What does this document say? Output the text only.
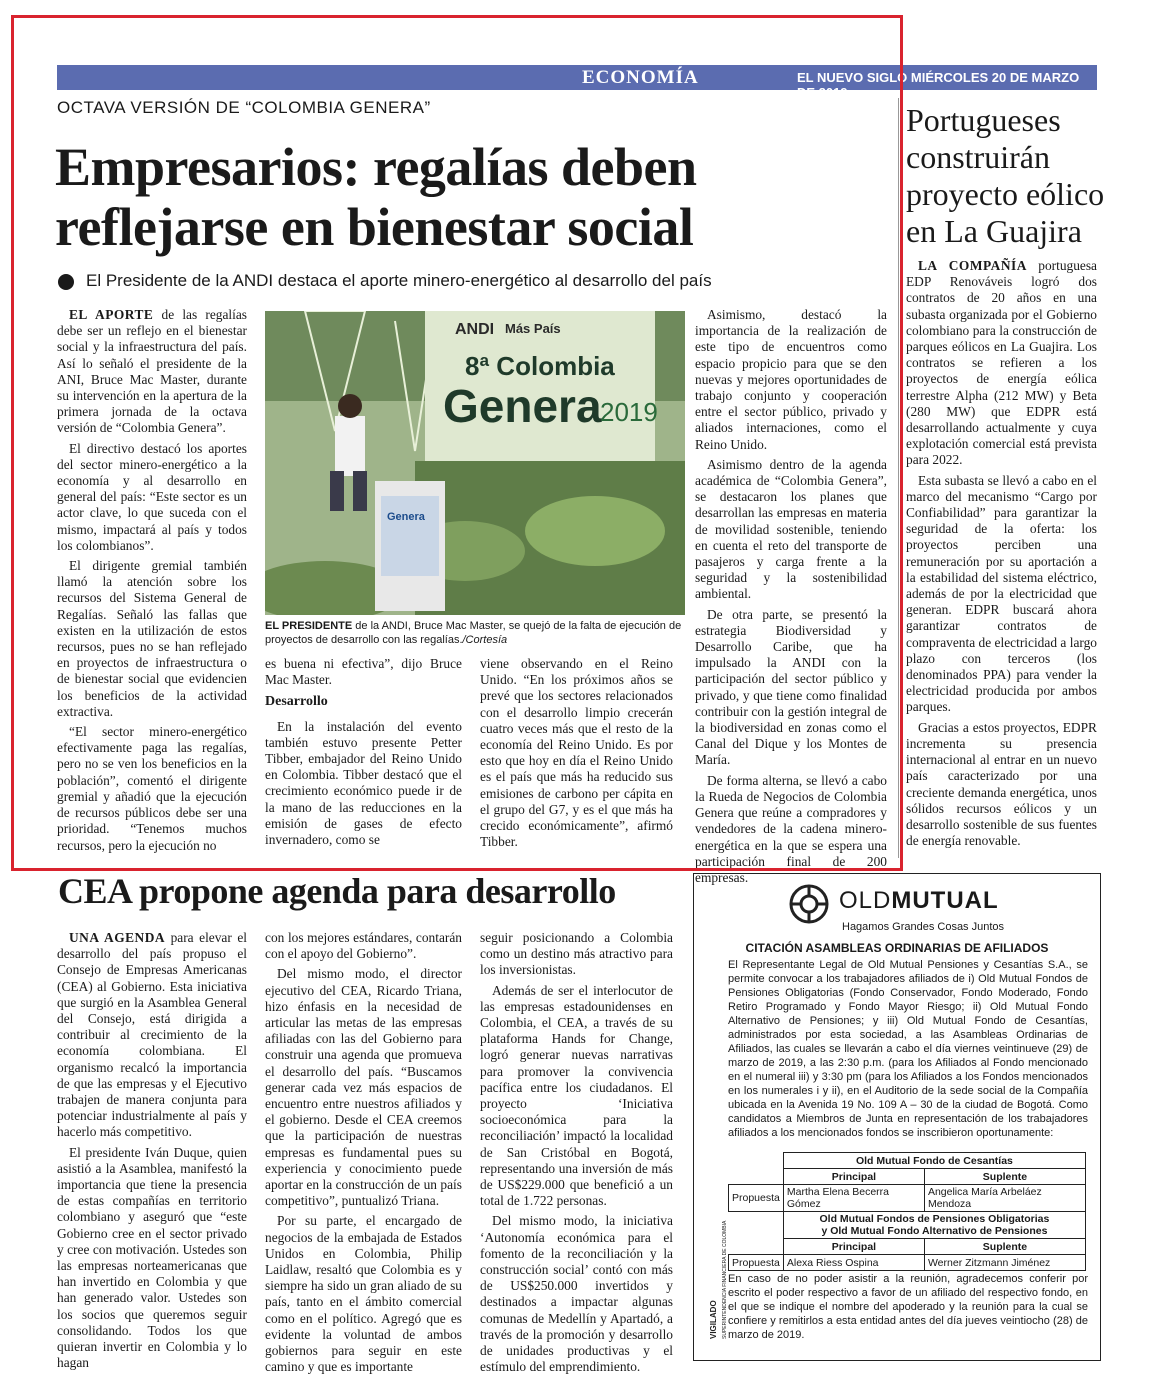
ECONOMÍA	EL NUEVO SIGLO MIÉRCOLES 20 DE MARZO DE 2019
7B
OCTAVA VERSIÓN DE “COLOMBIA GENERA”
Empresarios: regalías deben
reflejarse en bienestar social
El Presidente de la ANDI destaca el aporte minero-energético al desarrollo del país

EL APORTE de las regalías debe ser un reflejo en el bienestar social y la infraestructura del país. Así lo señaló el presidente de la ANI, Bruce Mac Master, durante su intervención en la apertura de la primera jornada de la octava versión de “Colombia Genera”.

El directivo destacó los aportes del sector minero-energético a la economía y al desarrollo en general del país: “Este sector es un actor clave, lo que suceda con el mismo, impactará al país y todos los colombianos”.

El dirigente gremial también llamó la atención sobre los recursos del Sistema General de Regalías. Señaló las fallas que existen en la utilización de estos recursos, pues no se han reflejado en proyectos de infraestructura o de bienestar social que evidencien los beneficios de la actividad extractiva.

“El sector minero-energético efectivamente paga las regalías, pero no se ven los beneficios en la población”, comentó el dirigente gremial y añadió que la ejecución de recursos públicos debe ser una prioridad. “Tenemos muchos recursos, pero la ejecución no

ANDI Más País
8ª Colombia
Genera
2019
Genera
EL PRESIDENTE de la ANDI, Bruce Mac Master, se quejó de la falta de ejecución de proyectos de desarrollo con las regalías./Cortesía

es buena ni efectiva”, dijo Bruce Mac Master.

Desarrollo

En la instalación del evento también estuvo presente Petter Tibber, embajador del Reino Unido en Colombia. Tibber destacó que el crecimiento económico puede ir de la mano de las reducciones en la emisión de gases de efecto invernadero, como se

viene observando en el Reino Unido. “En los próximos años se prevé que los sectores relacionados con el desarrollo limpio crecerán cuatro veces más que el resto de la economía del Reino Unido. Es por esto que hoy en día el Reino Unido es el país que más ha reducido sus emisiones de carbono per cápita en el grupo del G7, y es el que más ha crecido económicamente”, afirmó Tibber.

Asimismo, destacó la importancia de la realización de este tipo de encuentros como espacio propicio para que se den nuevas y mejores oportunidades de trabajo conjunto y cooperación entre el sector público, privado y aliados internaciones, como el Reino Unido.

Asimismo dentro de la agenda académica de “Colombia Genera”, se destacaron los planes que desarrollan las empresas en materia de movilidad sostenible, teniendo en cuenta el reto del transporte de pasajeros y carga frente a la seguridad y la sostenibilidad ambiental.

De otra parte, se presentó la estrategia Biodiversidad y Desarrollo Caribe, que ha impulsado la ANDI con la participación del sector público y privado, y que tiene como finalidad contribuir con la gestión integral de la biodiversidad en zonas como el Canal del Dique y los Montes de María.

De forma alterna, se llevó a cabo la Rueda de Negocios de Colombia Genera que reúne a compradores y vendedores de la cadena minero-energética en la que se espera una participación final de 200 empresas.

Portugueses
construirán
proyecto eólico
en La Guajira

LA COMPAÑÍA portuguesa EDP Renováveis logró dos contratos de 20 años en una subasta organizada por el Gobierno colombiano para la construcción de parques eólicos en La Guajira. Los contratos se refieren a los proyectos de energía eólica terrestre Alpha (212 MW) y Beta (280 MW) que EDPR está desarrollando actualmente y cuya explotación comercial está prevista para 2022.

Esta subasta se llevó a cabo en el marco del mecanismo “Cargo por Confiabilidad” para garantizar la seguridad de la oferta: los proyectos perciben una remuneración por su aportación a la estabilidad del sistema eléctrico, además de por la electricidad que generan. EDPR buscará ahora garantizar contratos de compraventa de electricidad a largo plazo con terceros (los denominados PPA) para vender la electricidad producida por ambos parques.

Gracias a estos proyectos, EDPR incrementa su presencia internacional al entrar en un nuevo país caracterizado por una creciente demanda energética, unos sólidos recursos eólicos y un desarrollo sostenible de sus fuentes de energía renovable.

CEA propone agenda para desarrollo

UNA AGENDA para elevar el desarrollo del país propuso el Consejo de Empresas Americanas (CEA) al Gobierno. Esta iniciativa que surgió en la Asamblea General del Consejo, está dirigida a contribuir al crecimiento de la economía colombiana. El organismo recalcó la importancia de que las empresas y el Ejecutivo trabajen de manera conjunta para potenciar industrialmente al país y hacerlo más competitivo.

El presidente Iván Duque, quien asistió a la Asamblea, manifestó la importancia que tiene la presencia de estas compañías en territorio colombiano y aseguró que “este Gobierno cree en el sector privado y cree con motivación. Ustedes son las empresas norteamericanas que han invertido en Colombia y que han generado valor. Ustedes son los socios que queremos seguir consolidando. Todos los que quieran invertir en Colombia y lo hagan

con los mejores estándares, contarán con el apoyo del Gobierno”.

Del mismo modo, el director ejecutivo del CEA, Ricardo Triana, hizo énfasis en la necesidad de articular las metas de las empresas afiliadas con las del Gobierno para construir una agenda que promueva el desarrollo del país. “Buscamos generar cada vez más espacios de encuentro entre nuestros afiliados y el gobierno. Desde el CEA creemos que la participación de nuestras empresas es fundamental pues su experiencia y conocimiento puede aportar en la construcción de un país competitivo”, puntualizó Triana.

Por su parte, el encargado de negocios de la embajada de Estados Unidos en Colombia, Philip Laidlaw, resaltó que Colombia es y siempre ha sido un gran aliado de su país, tanto en el ámbito comercial como en el político. Agregó que es evidente la voluntad de ambos gobiernos para seguir en este camino y que es importante

seguir posicionando a Colombia como un destino más atractivo para los inversionistas.

Además de ser el interlocutor de las empresas estadounidenses en Colombia, el CEA, a través de su plataforma Hands for Change, logró generar nuevas narrativas para promover la convivencia pacífica entre los ciudadanos. El proyecto ‘Iniciativa socioeconómica para la reconciliación’ impactó la localidad de San Cristóbal en Bogotá, representando una inversión de más de US$229.000 que benefició a un total de 1.722 personas.

Del mismo modo, la iniciativa ‘Autonomía económica para el fomento de la reconciliación y la construcción social’ contó con más de US$250.000 invertidos y destinados a impactar algunas comunas de Medellín y Apartadó, a través de la promoción y desarrollo de unidades productivas y el estímulo del emprendimiento.

OLDMUTUAL
Hagamos Grandes Cosas Juntos
CITACIÓN ASAMBLEAS ORDINARIAS DE AFILIADOS
El Representante Legal de Old Mutual Pensiones y Cesantías S.A., se permite convocar a los trabajadores afiliados de i) Old Mutual Fondos de Pensiones Obligatorias (Fondo Conservador, Fondo Moderado, Fondo Retiro Programado y Fondo Mayor Riesgo; ii) Old Mutual Fondo Alternativo de Pensiones; y iii) Old Mutual Fondo de Cesantías, administrados por esta sociedad, a las Asambleas Ordinarias de Afiliados, las cuales se llevarán a cabo el día viernes veintinueve (29) de marzo de 2019, a las 2:30 p.m. (para los Afiliados al Fondo mencionado en el numeral iii) y 3:30 pm (para los Afiliados a los Fondos mencionados en los numerales i y ii), en el Auditorio de la sede social de la Compañía ubicada en la Avenida 19 No. 109 A – 30 de la ciudad de Bogotá. Como candidatos a Miembros de Junta en representación de los trabajadores afiliados a los mencionados fondos se inscribieron oportunamente:
	Old Mutual Fondo de Cesantías	
	Principal	Suplente
Propuesta	Martha Elena Becerra Gómez	Angelica María Arbeláez Mendoza

	Old Mutual Fondos de Pensiones Obligatorias
y Old Mutual Fondo Alternativo de Pensiones	

	Principal	Suplente
Propuesta	Alexa Riess Ospina	Werner Zitzmann Jiménez
VIGILADO SUPERINTENDENCIA FINANCIERA DE COLOMBIA En caso de no poder asistir a la reunión, agradecemos conferir por escrito el poder respectivo a favor de un afiliado del respectivo fondo, en el que se indique el nombre del apoderado y la reunión para la cual se confiere y remitirlos a esta entidad antes del día jueves veintiocho (28) de marzo de 2019.
